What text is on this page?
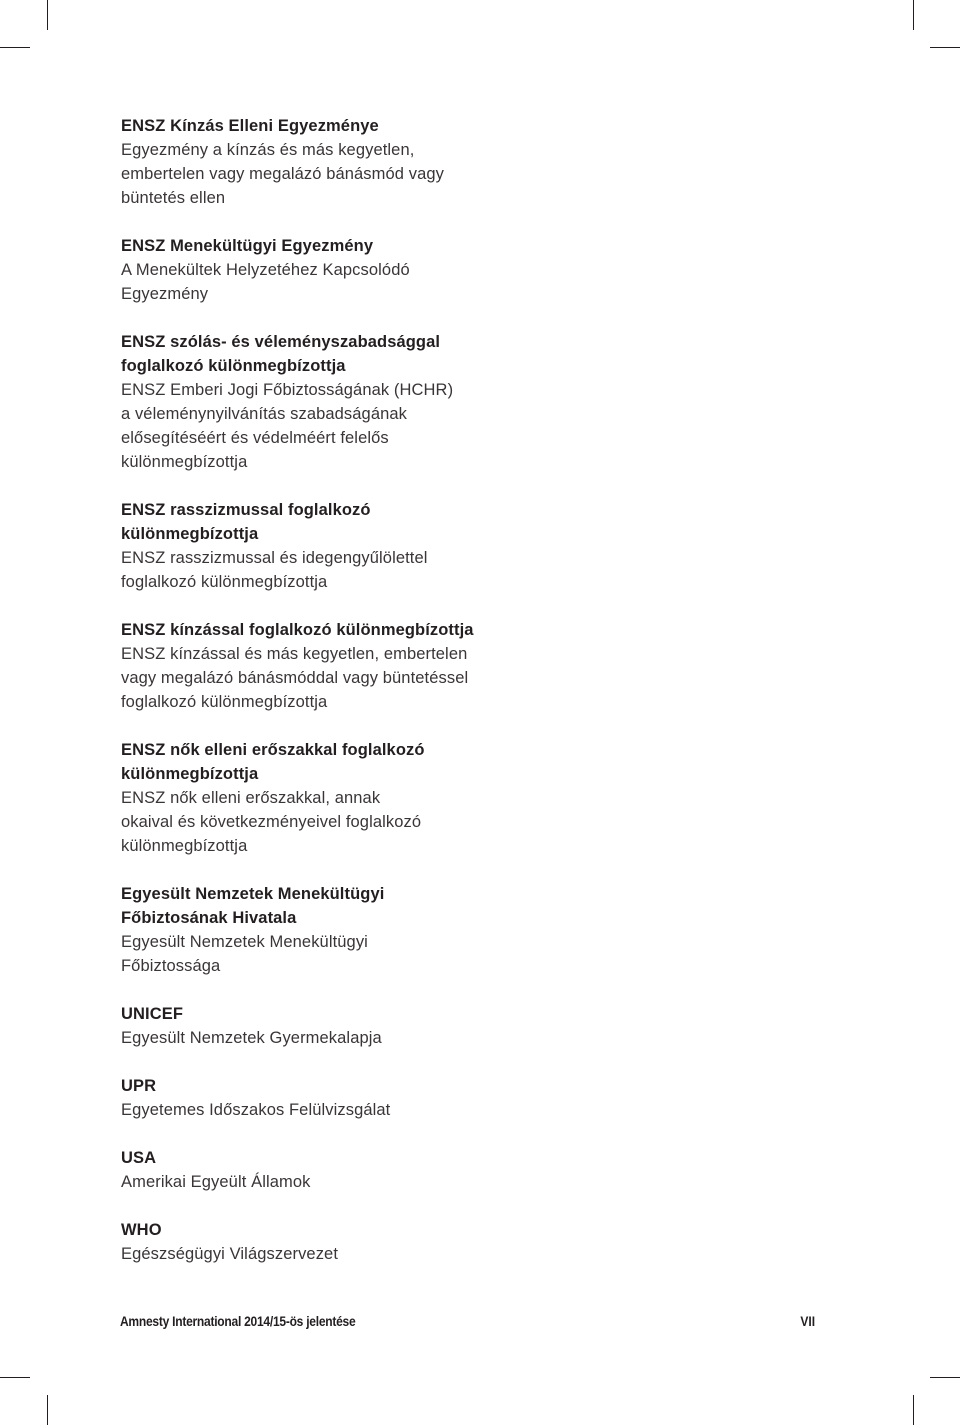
ENSZ Kínzás Elleni Egyezménye
Egyezmény a kínzás és más kegyetlen,
embertelen vagy megalázó bánásmód vagy
büntetés ellen
ENSZ Menekültügyi Egyezmény
A Menekültek Helyzetéhez Kapcsolódó
Egyezmény
ENSZ szólás- és véleményszabadsággal
foglalkozó különmegbízottja
ENSZ Emberi Jogi Főbiztosságának (HCHR)
a véleménynyilvánítás szabadságának
elősegítéséért és védelméért felelős
különmegbízottja
ENSZ rasszizmussal foglalkozó
különmegbízottja
ENSZ rasszizmussal és idegengyűlölettel
foglalkozó különmegbízottja
ENSZ kínzással foglalkozó különmegbízottja
ENSZ kínzással és más kegyetlen, embertelen
vagy megalázó bánásmóddal vagy büntetéssel
foglalkozó különmegbízottja
ENSZ nők elleni erőszakkal foglalkozó
különmegbízottja
ENSZ nők elleni erőszakkal, annak
okaival és következményeivel foglalkozó
különmegbízottja
Egyesült Nemzetek Menekültügyi
Főbiztosának Hivatala
Egyesült Nemzetek Menekültügyi
Főbiztossága
UNICEF
Egyesült Nemzetek Gyermekalapja
UPR
Egyetemes Időszakos Felülvizsgálat
USA
Amerikai Egyeült Államok
WHO
Egészségügyi Világszervezet
Amnesty International 2014/15-ös jelentése	VII
